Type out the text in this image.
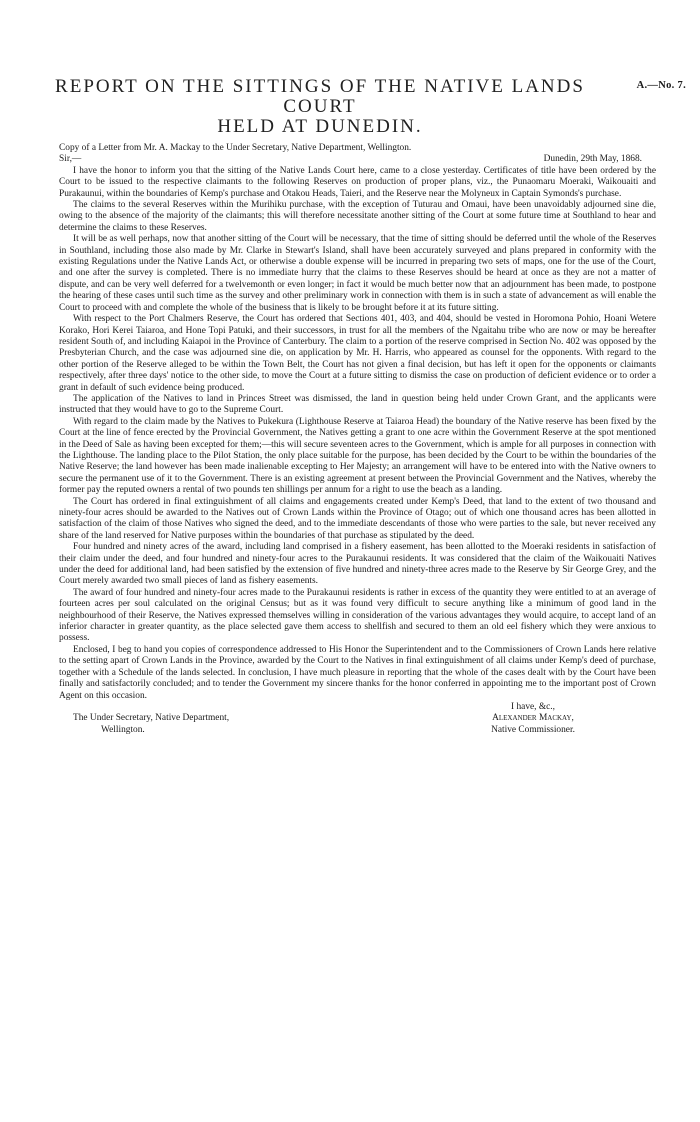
REPORT ON THE SITTINGS OF THE NATIVE LANDS COURT
HELD AT DUNEDIN.
A.—No. 7.

Copy of a Letter from Mr. A. Mackay to the Under Secretary, Native Department, Wellington.

Sir,—	Dunedin, 29th May, 1868.

I have the honor to inform you that the sitting of the Native Lands Court here, came to a close yesterday. Certificates of title have been ordered by the Court to be issued to the respective claimants to the following Reserves on production of proper plans, viz., the Punaomaru Moeraki, Waikouaiti and Purakaunui, within the boundaries of Kemp's purchase and Otakou Heads, Taieri, and the Reserve near the Molyneux in Captain Symonds's purchase.

The claims to the several Reserves within the Murihiku purchase, with the exception of Tuturau and Omaui, have been unavoidably adjourned sine die, owing to the absence of the majority of the claimants; this will therefore necessitate another sitting of the Court at some future time at Southland to hear and determine the claims to these Reserves.

It will be as well perhaps, now that another sitting of the Court will be necessary, that the time of sitting should be deferred until the whole of the Reserves in Southland, including those also made by Mr. Clarke in Stewart's Island, shall have been accurately surveyed and plans prepared in conformity with the existing Regulations under the Native Lands Act, or otherwise a double expense will be incurred in preparing two sets of maps, one for the use of the Court, and one after the survey is completed. There is no immediate hurry that the claims to these Reserves should be heard at once as they are not a matter of dispute, and can be very well deferred for a twelvemonth or even longer; in fact it would be much better now that an adjournment has been made, to postpone the hearing of these cases until such time as the survey and other preliminary work in connection with them is in such a state of advancement as will enable the Court to proceed with and complete the whole of the business that is likely to be brought before it at its future sitting.

With respect to the Port Chalmers Reserve, the Court has ordered that Sections 401, 403, and 404, should be vested in Horomona Pohio, Hoani Wetere Korako, Hori Kerei Taiaroa, and Hone Topi Patuki, and their successors, in trust for all the members of the Ngaitahu tribe who are now or may be hereafter resident South of, and including Kaiapoi in the Province of Canterbury. The claim to a portion of the reserve comprised in Section No. 402 was opposed by the Presbyterian Church, and the case was adjourned sine die, on application by Mr. H. Harris, who appeared as counsel for the opponents. With regard to the other portion of the Reserve alleged to be within the Town Belt, the Court has not given a final decision, but has left it open for the opponents or claimants respectively, after three days' notice to the other side, to move the Court at a future sitting to dismiss the case on production of deficient evidence or to order a grant in default of such evidence being produced.

The application of the Natives to land in Princes Street was dismissed, the land in question being held under Crown Grant, and the applicants were instructed that they would have to go to the Supreme Court.

With regard to the claim made by the Natives to Pukekura (Lighthouse Reserve at Taiaroa Head) the boundary of the Native reserve has been fixed by the Court at the line of fence erected by the Provincial Government, the Natives getting a grant to one acre within the Government Reserve at the spot mentioned in the Deed of Sale as having been excepted for them;—this will secure seventeen acres to the Government, which is ample for all purposes in connection with the Lighthouse. The landing place to the Pilot Station, the only place suitable for the purpose, has been decided by the Court to be within the boundaries of the Native Reserve; the land however has been made inalienable excepting to Her Majesty; an arrangement will have to be entered into with the Native owners to secure the permanent use of it to the Government. There is an existing agreement at present between the Provincial Government and the Natives, whereby the former pay the reputed owners a rental of two pounds ten shillings per annum for a right to use the beach as a landing.

The Court has ordered in final extinguishment of all claims and engagements created under Kemp's Deed, that land to the extent of two thousand and ninety-four acres should be awarded to the Natives out of Crown Lands within the Province of Otago; out of which one thousand acres has been allotted in satisfaction of the claim of those Natives who signed the deed, and to the immediate descendants of those who were parties to the sale, but never received any share of the land reserved for Native purposes within the boundaries of that purchase as stipulated by the deed.

Four hundred and ninety acres of the award, including land comprised in a fishery easement, has been allotted to the Moeraki residents in satisfaction of their claim under the deed, and four hundred and ninety-four acres to the Purakaunui residents. It was considered that the claim of the Waikouaiti Natives under the deed for additional land, had been satisfied by the extension of five hundred and ninety-three acres made to the Reserve by Sir George Grey, and the Court merely awarded two small pieces of land as fishery easements.

The award of four hundred and ninety-four acres made to the Purakaunui residents is rather in excess of the quantity they were entitled to at an average of fourteen acres per soul calculated on the original Census; but as it was found very difficult to secure anything like a minimum of good land in the neighbourhood of their Reserve, the Natives expressed themselves willing in consideration of the various advantages they would acquire, to accept land of an inferior character in greater quantity, as the place selected gave them access to shellfish and secured to them an old eel fishery which they were anxious to possess.

Enclosed, I beg to hand you copies of correspondence addressed to His Honor the Superintendent and to the Commissioners of Crown Lands here relative to the setting apart of Crown Lands in the Province, awarded by the Court to the Natives in final extinguishment of all claims under Kemp's deed of purchase, together with a Schedule of the lands selected. In conclusion, I have much pleasure in reporting that the whole of the cases dealt with by the Court have been finally and satisfactorily concluded; and to tender the Government my sincere thanks for the honor conferred in appointing me to the important post of Crown Agent on this occasion.

I have, &c.,
The Under Secretary, Native Department,	Alexander Mackay,
Wellington.	Native Commissioner.
